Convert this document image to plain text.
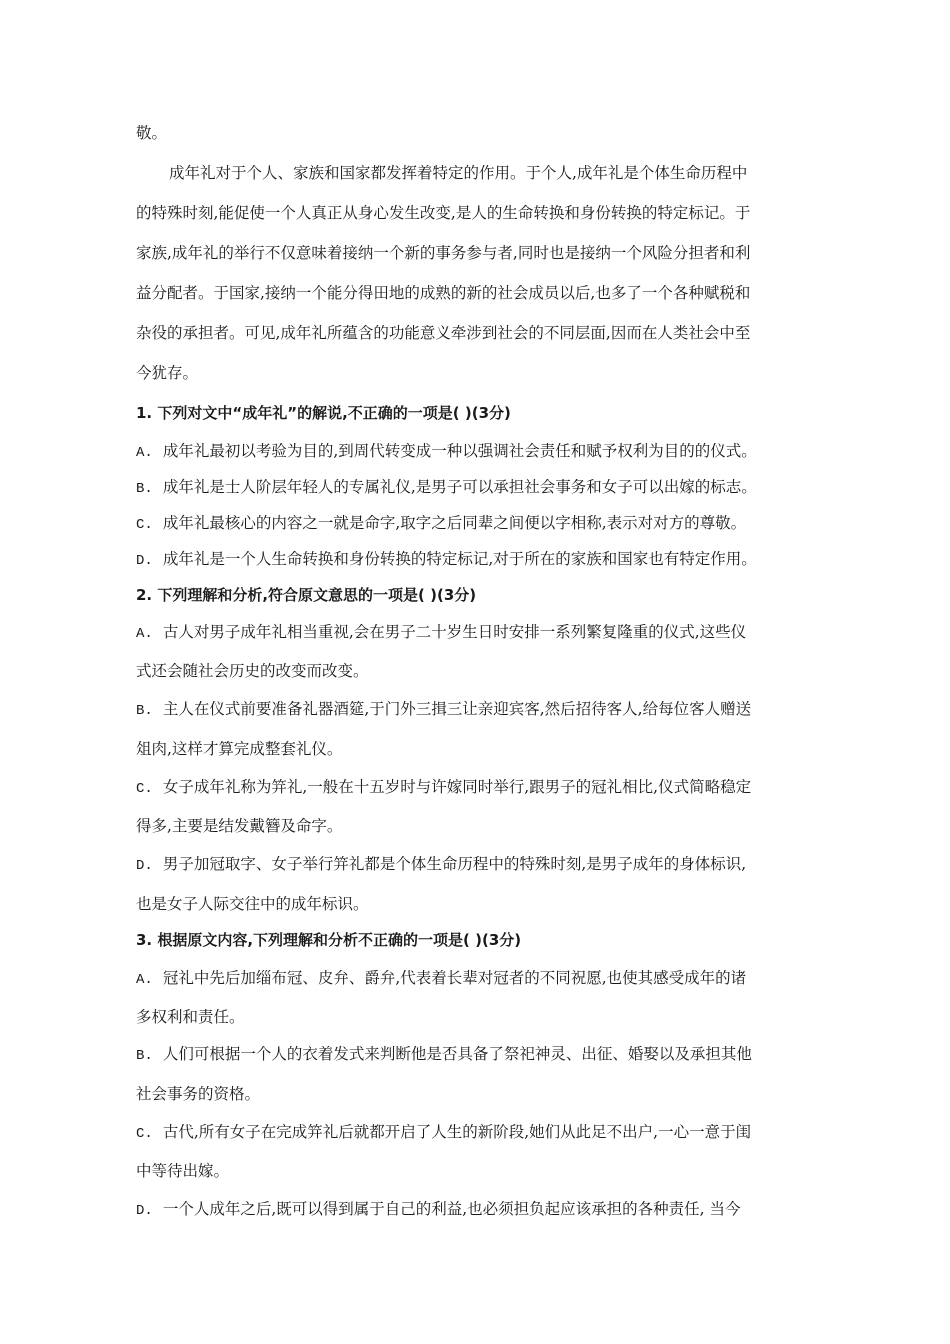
敬。

成年礼对于个人、家族和国家都发挥着特定的作用。于个人,成年礼是个体生命历程中

的特殊时刻,能促使一个人真正从身心发生改变,是人的生命转换和身份转换的特定标记。于

家族,成年礼的举行不仅意味着接纳一个新的事务参与者,同时也是接纳一个风险分担者和利

益分配者。于国家,接纳一个能分得田地的成熟的新的社会成员以后,也多了一个各种赋税和

杂役的承担者。可见,成年礼所蕴含的功能意义牵涉到社会的不同层面,因而在人类社会中至

今犹存。

1. 下列对文中“成年礼”的解说,不正确的一项是( )(3分)

A. 成年礼最初以考验为目的,到周代转变成一种以强调社会责任和赋予权利为目的的仪式。

B. 成年礼是士人阶层年轻人的专属礼仪,是男子可以承担社会事务和女子可以出嫁的标志。

C. 成年礼最核心的内容之一就是命字,取字之后同辈之间便以字相称,表示对对方的尊敬。

D. 成年礼是一个人生命转换和身份转换的特定标记,对于所在的家族和国家也有特定作用。

2. 下列理解和分析,符合原文意思的一项是( )(3分)

A. 古人对男子成年礼相当重视,会在男子二十岁生日时安排一系列繁复隆重的仪式,这些仪

式还会随社会历史的改变而改变。

B. 主人在仪式前要准备礼器酒筵,于门外三揖三让亲迎宾客,然后招待客人,给每位客人赠送

俎肉,这样才算完成整套礼仪。

C. 女子成年礼称为笄礼,一般在十五岁时与许嫁同时举行,跟男子的冠礼相比,仪式简略稳定

得多,主要是结发戴簪及命字。

D. 男子加冠取字、女子举行笄礼都是个体生命历程中的特殊时刻,是男子成年的身体标识,

也是女子人际交往中的成年标识。

3. 根据原文内容,下列理解和分析不正确的一项是( )(3分)

A. 冠礼中先后加缁布冠、皮弁、爵弁,代表着长辈对冠者的不同祝愿,也使其感受成年的诸

多权利和责任。

B. 人们可根据一个人的衣着发式来判断他是否具备了祭祀神灵、出征、婚娶以及承担其他

社会事务的资格。

C. 古代,所有女子在完成笄礼后就都开启了人生的新阶段,她们从此足不出户,一心一意于闺

中等待出嫁。

D. 一个人成年之后,既可以得到属于自己的利益,也必须担负起应该承担的各种责任, 当今
